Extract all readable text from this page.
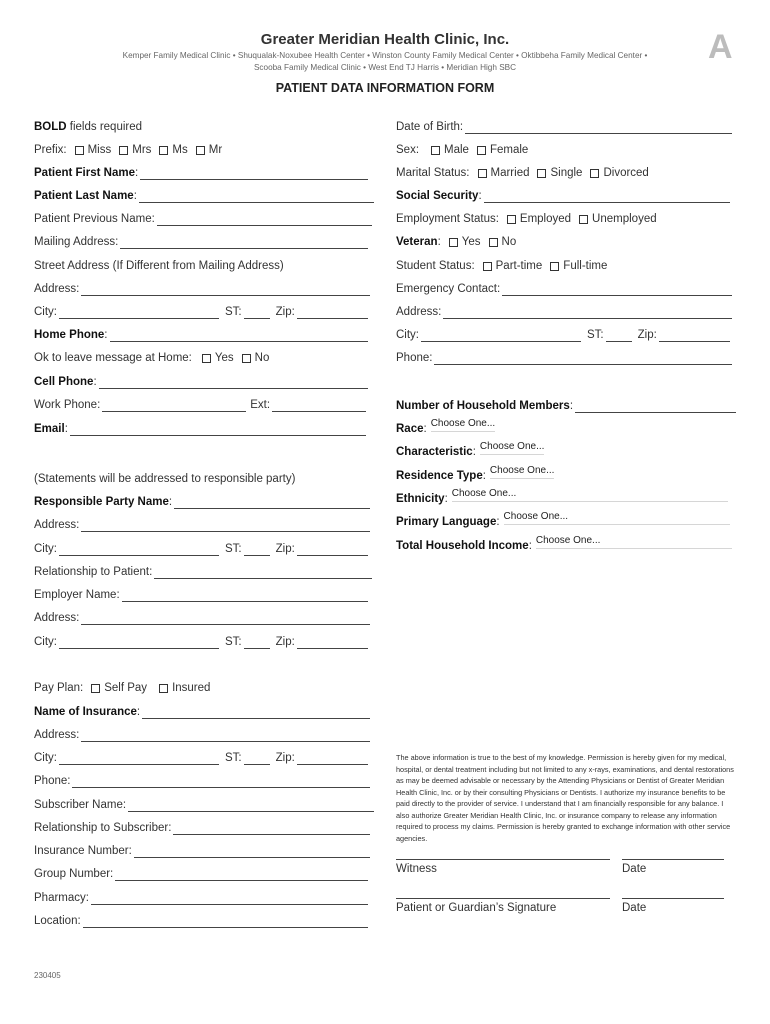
Greater Meridian Health Clinic, Inc.
Kemper Family Medical Clinic • Shuqualak-Noxubee Health Center • Winston County Family Medical Center • Oktibbeha Family Medical Center •
Scooba Family Medical Clinic • West End TJ Harris • Meridian High SBC
A
PATIENT DATA INFORMATION FORM
BOLD fields required
Prefix: Miss Mrs Ms Mr
Patient First Name :
Patient Last Name :
Patient Previous Name:
Mailing Address:
Street Address (If Different from Mailing Address)
Address:
City:	ST:	Zip:
Home Phone :
Ok to leave message at Home: Yes No
Cell Phone :
Work Phone:	Ext:
Email :
(Statements will be addressed to responsible party)
Responsible Party Name :
Address:
City:	ST:	Zip:
Relationship to Patient:
Employer Name:
Address:
City:	ST:	Zip:
Pay Plan: Self Pay Insured
Name of Insurance :
Address:
City:	ST:	Zip:
Phone:
Subscriber Name:
Relationship to Subscriber:
Insurance Number:
Group Number:
Pharmacy:
Location:
Date of Birth:
Sex: Male Female
Marital Status: Married Single Divorced
Social Security :
Employment Status: Employed Unemployed
Veteran : Yes No
Student Status: Part-time Full-time
Emergency Contact:
Address:
City:	ST:	Zip:
Phone:
Number of Household Members :
Race : Choose One...
Characteristic : Choose One...
Residence Type : Choose One...
Ethnicity : Choose One...
Primary Language : Choose One...
Total Household Income : Choose One...
The above information is true to the best of my knowledge. Permission is hereby given for my medical, hospital, or dental treatment including but not limited to any x-rays, examinations, and dental restorations as may be deemed advisable or necessary by the Attending Physicians or Dentist of Greater Meridian Health Clinic, Inc. or by their consulting Physicians or Dentists. I authorize my insurance benefits to be paid directly to the provider of service. I understand that I am financially responsible for any balance. I also authorize Greater Meridian Health Clinic, Inc. or insurance company to release any information required to process my claims. Permission is hereby granted to exchange information with other service agencies.
Witness	Date
Patient or Guardian’s Signature	Date
230405
